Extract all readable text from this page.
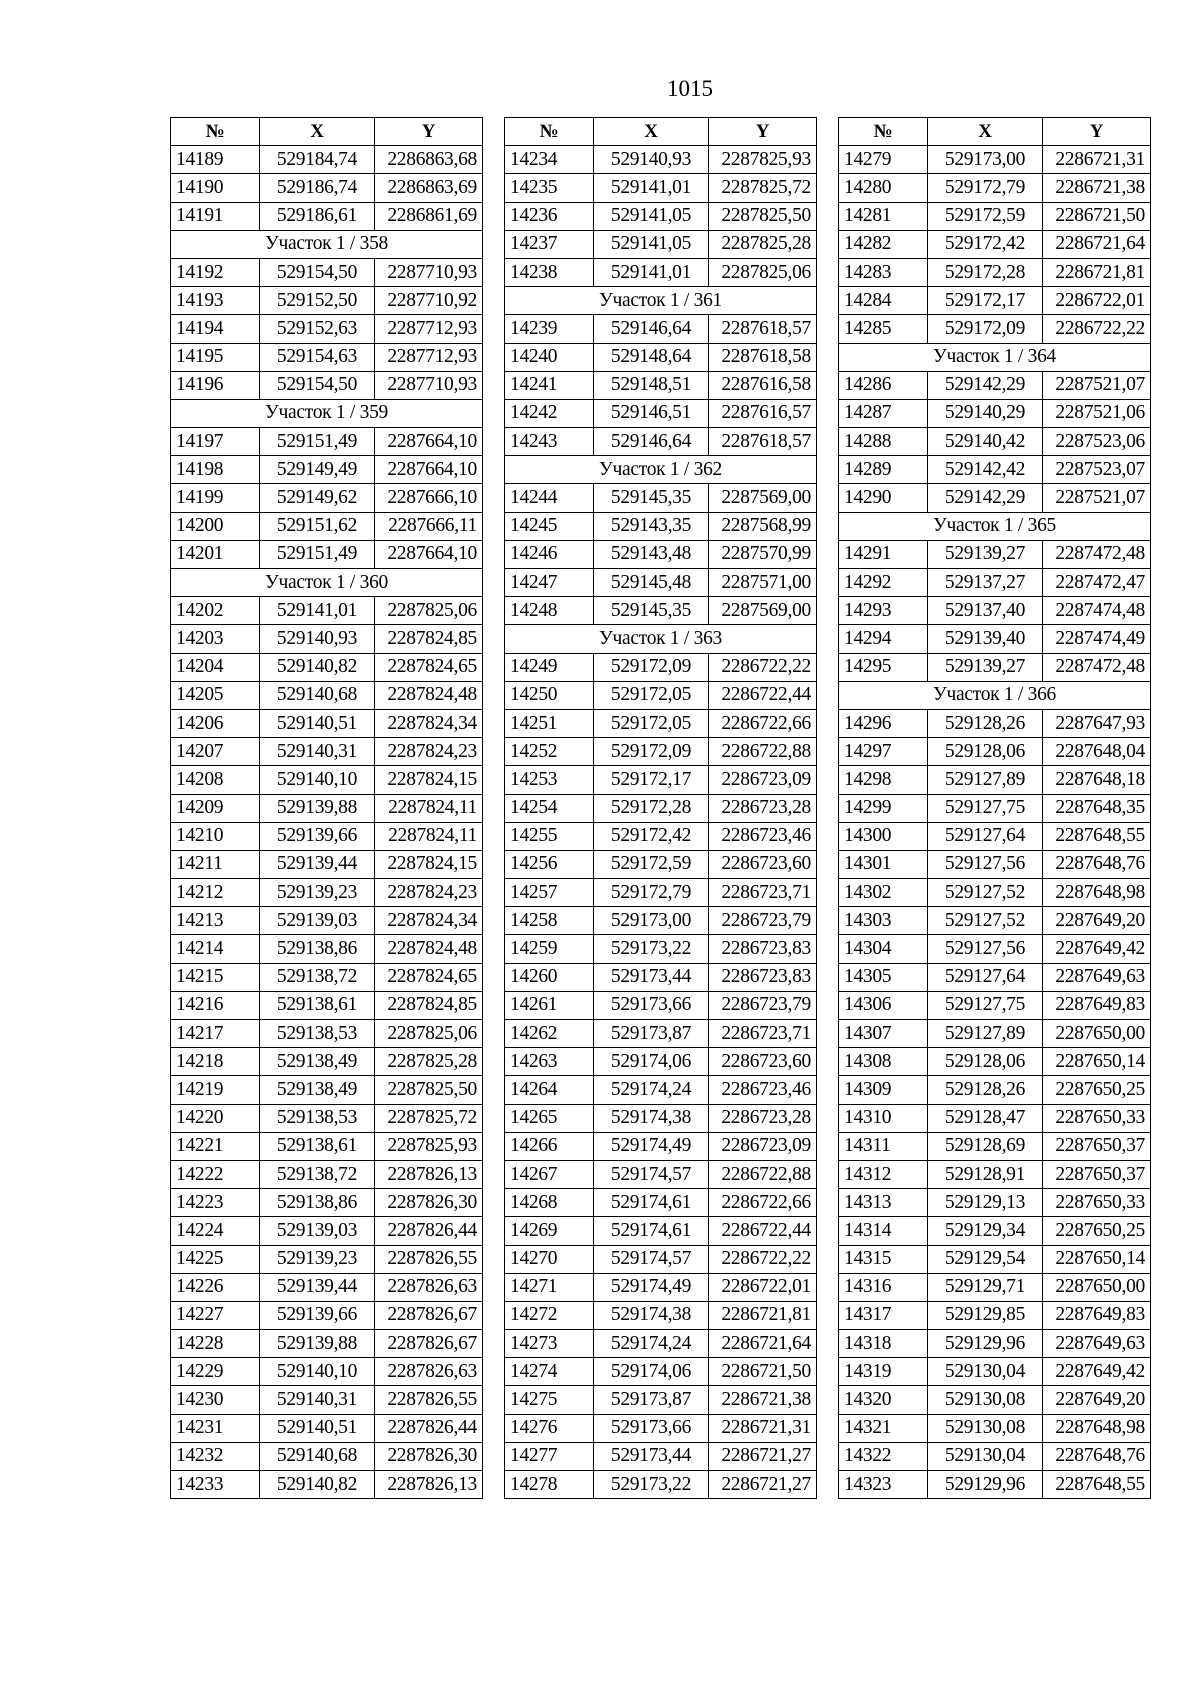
1015
№	X	Y
14189	529184,74	2286863,68
14190	529186,74	2286863,69
14191	529186,61	2286861,69
Участок 1 / 358		
14192	529154,50	2287710,93
14193	529152,50	2287710,92
14194	529152,63	2287712,93
14195	529154,63	2287712,93
14196	529154,50	2287710,93
Участок 1 / 359		
14197	529151,49	2287664,10
14198	529149,49	2287664,10
14199	529149,62	2287666,10
14200	529151,62	2287666,11
14201	529151,49	2287664,10
Участок 1 / 360		
14202	529141,01	2287825,06
14203	529140,93	2287824,85
14204	529140,82	2287824,65
14205	529140,68	2287824,48
14206	529140,51	2287824,34
14207	529140,31	2287824,23
14208	529140,10	2287824,15
14209	529139,88	2287824,11
14210	529139,66	2287824,11
14211	529139,44	2287824,15
14212	529139,23	2287824,23
14213	529139,03	2287824,34
14214	529138,86	2287824,48
14215	529138,72	2287824,65
14216	529138,61	2287824,85
14217	529138,53	2287825,06
14218	529138,49	2287825,28
14219	529138,49	2287825,50
14220	529138,53	2287825,72
14221	529138,61	2287825,93
14222	529138,72	2287826,13
14223	529138,86	2287826,30
14224	529139,03	2287826,44
14225	529139,23	2287826,55
14226	529139,44	2287826,63
14227	529139,66	2287826,67
14228	529139,88	2287826,67
14229	529140,10	2287826,63
14230	529140,31	2287826,55
14231	529140,51	2287826,44
14232	529140,68	2287826,30
14233	529140,82	2287826,13
№	X	Y
14234	529140,93	2287825,93
14235	529141,01	2287825,72
14236	529141,05	2287825,50
14237	529141,05	2287825,28
14238	529141,01	2287825,06
Участок 1 / 361		
14239	529146,64	2287618,57
14240	529148,64	2287618,58
14241	529148,51	2287616,58
14242	529146,51	2287616,57
14243	529146,64	2287618,57
Участок 1 / 362		
14244	529145,35	2287569,00
14245	529143,35	2287568,99
14246	529143,48	2287570,99
14247	529145,48	2287571,00
14248	529145,35	2287569,00
Участок 1 / 363		
14249	529172,09	2286722,22
14250	529172,05	2286722,44
14251	529172,05	2286722,66
14252	529172,09	2286722,88
14253	529172,17	2286723,09
14254	529172,28	2286723,28
14255	529172,42	2286723,46
14256	529172,59	2286723,60
14257	529172,79	2286723,71
14258	529173,00	2286723,79
14259	529173,22	2286723,83
14260	529173,44	2286723,83
14261	529173,66	2286723,79
14262	529173,87	2286723,71
14263	529174,06	2286723,60
14264	529174,24	2286723,46
14265	529174,38	2286723,28
14266	529174,49	2286723,09
14267	529174,57	2286722,88
14268	529174,61	2286722,66
14269	529174,61	2286722,44
14270	529174,57	2286722,22
14271	529174,49	2286722,01
14272	529174,38	2286721,81
14273	529174,24	2286721,64
14274	529174,06	2286721,50
14275	529173,87	2286721,38
14276	529173,66	2286721,31
14277	529173,44	2286721,27
14278	529173,22	2286721,27
№	X	Y
14279	529173,00	2286721,31
14280	529172,79	2286721,38
14281	529172,59	2286721,50
14282	529172,42	2286721,64
14283	529172,28	2286721,81
14284	529172,17	2286722,01
14285	529172,09	2286722,22
Участок 1 / 364		
14286	529142,29	2287521,07
14287	529140,29	2287521,06
14288	529140,42	2287523,06
14289	529142,42	2287523,07
14290	529142,29	2287521,07
Участок 1 / 365		
14291	529139,27	2287472,48
14292	529137,27	2287472,47
14293	529137,40	2287474,48
14294	529139,40	2287474,49
14295	529139,27	2287472,48
Участок 1 / 366		
14296	529128,26	2287647,93
14297	529128,06	2287648,04
14298	529127,89	2287648,18
14299	529127,75	2287648,35
14300	529127,64	2287648,55
14301	529127,56	2287648,76
14302	529127,52	2287648,98
14303	529127,52	2287649,20
14304	529127,56	2287649,42
14305	529127,64	2287649,63
14306	529127,75	2287649,83
14307	529127,89	2287650,00
14308	529128,06	2287650,14
14309	529128,26	2287650,25
14310	529128,47	2287650,33
14311	529128,69	2287650,37
14312	529128,91	2287650,37
14313	529129,13	2287650,33
14314	529129,34	2287650,25
14315	529129,54	2287650,14
14316	529129,71	2287650,00
14317	529129,85	2287649,83
14318	529129,96	2287649,63
14319	529130,04	2287649,42
14320	529130,08	2287649,20
14321	529130,08	2287648,98
14322	529130,04	2287648,76
14323	529129,96	2287648,55
